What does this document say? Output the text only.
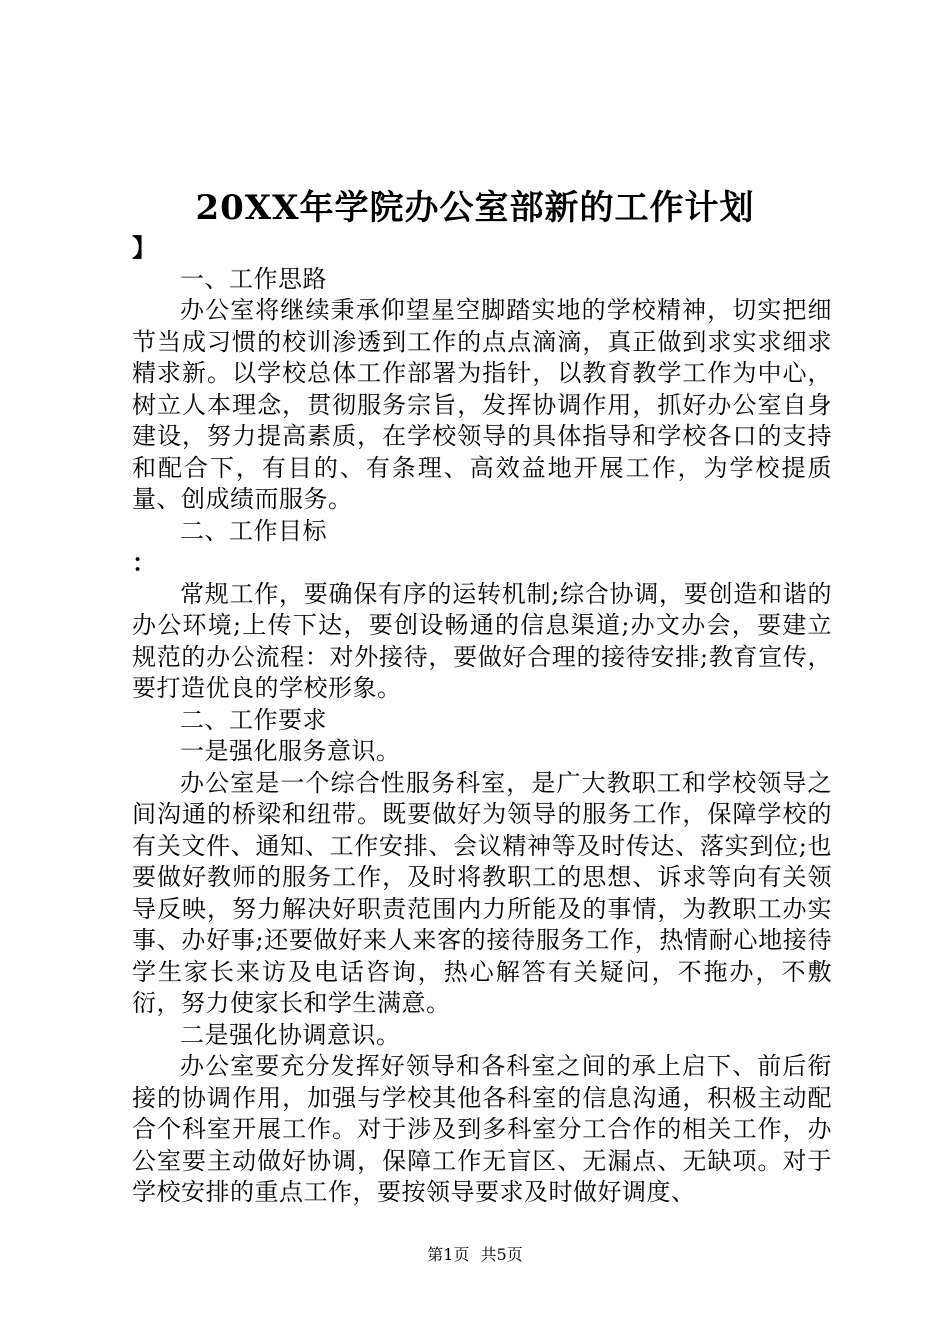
20XX年学院办公室部新的工作计划

】

一、工作思路

办公室将继续秉承仰望星空脚踏实地的学校精神，切实把细节当成习惯的校训渗透到工作的点点滴滴，真正做到求实求细求精求新。以学校总体工作部署为指针，以教育教学工作为中心，树立人本理念，贯彻服务宗旨，发挥协调作用，抓好办公室自身建设，努力提高素质，在学校领导的具体指导和学校各口的支持和配合下，有目的、有条理、高效益地开展工作，为学校提质量、创成绩而服务。

二、工作目标

：

常规工作，要确保有序的运转机制;综合协调，要创造和谐的办公环境;上传下达，要创设畅通的信息渠道;办文办会，要建立规范的办公流程：对外接待，要做好合理的接待安排;教育宣传，要打造优良的学校形象。

二、工作要求

一是强化服务意识。

办公室是一个综合性服务科室，是广大教职工和学校领导之间沟通的桥梁和纽带。既要做好为领导的服务工作，保障学校的有关文件、通知、工作安排、会议精神等及时传达、落实到位;也要做好教师的服务工作，及时将教职工的思想、诉求等向有关领导反映，努力解决好职责范围内力所能及的事情，为教职工办实事、办好事;还要做好来人来客的接待服务工作，热情耐心地接待学生家长来访及电话咨询，热心解答有关疑问，不拖办，不敷衍，努力使家长和学生满意。

二是强化协调意识。

办公室要充分发挥好领导和各科室之间的承上启下、前后衔接的协调作用，加强与学校其他各科室的信息沟通，积极主动配合个科室开展工作。对于涉及到多科室分工合作的相关工作，办公室要主动做好协调，保障工作无盲区、无漏点、无缺项。对于学校安排的重点工作，要按领导要求及时做好调度、

第1页 共5页
